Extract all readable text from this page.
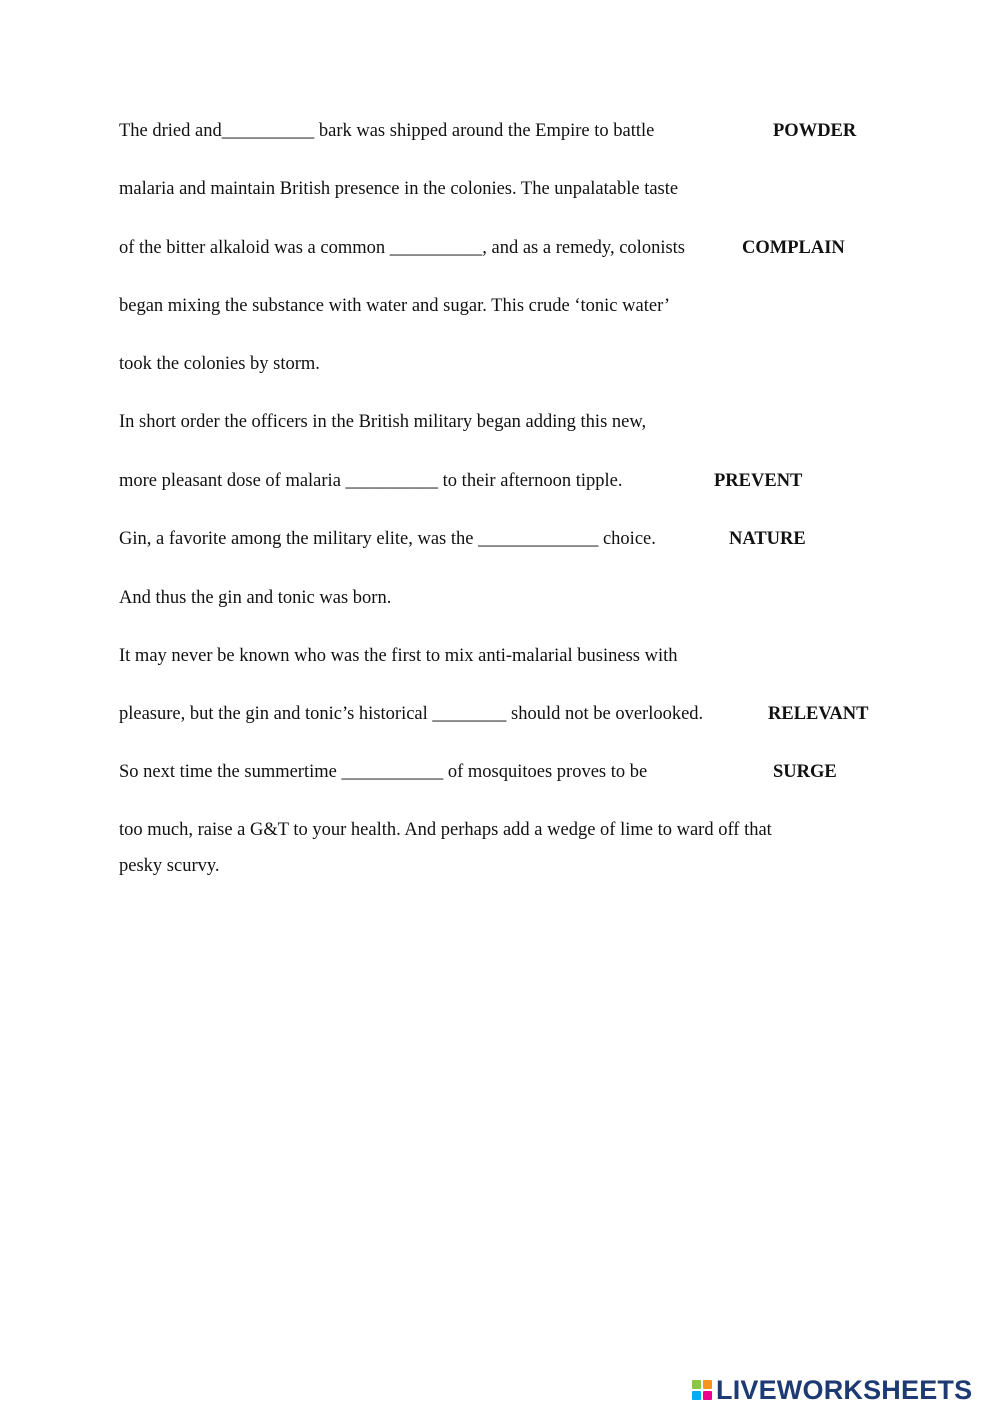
The dried and__________ bark was shipped around the Empire to battle	POWDER
malaria and maintain British presence in the colonies. The unpalatable taste
of the bitter alkaloid was a common __________, and as a remedy, colonists	COMPLAIN
began mixing the substance with water and sugar. This crude ‘tonic water’
took the colonies by storm.
In short order the officers in the British military began adding this new,
more pleasant dose of malaria __________ to their afternoon tipple.	PREVENT
Gin, a favorite among the military elite, was the _____________ choice.	NATURE
And thus the gin and tonic was born.
It may never be known who was the first to mix anti-malarial business with
pleasure, but the gin and tonic’s historical ________ should not be overlooked.	RELEVANT
So next time the summertime ___________ of mosquitoes proves to be	SURGE
too much, raise a G&T to your health. And perhaps add a wedge of lime to ward off that
pesky scurvy.
LIVEWORKSHEETS
